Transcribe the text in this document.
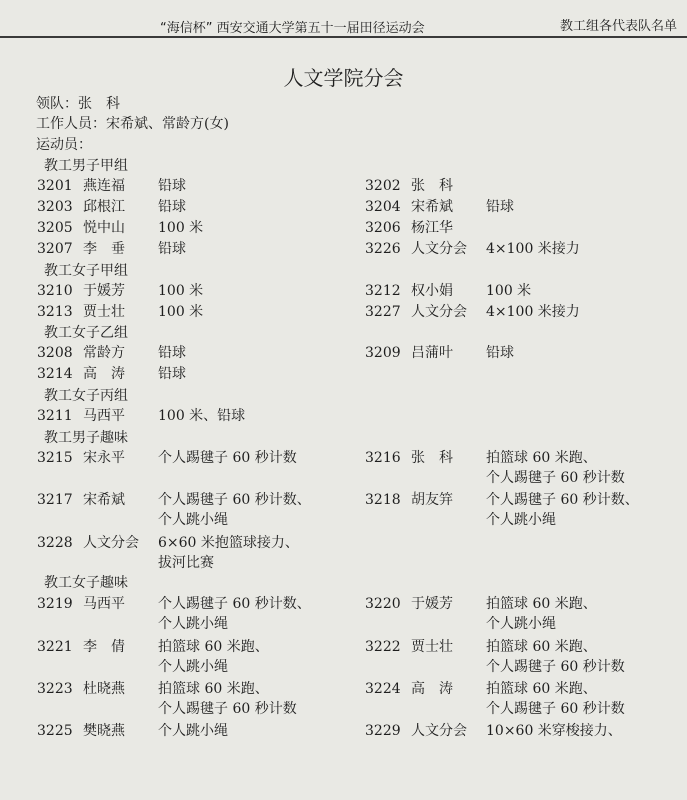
“海信杯” 西安交通大学第五十一届田径运动会	教工组各代表队名单
人文学院分会
领队：张　科
工作人员：宋希斌、常龄方(女)
运动员：
教工男子甲组
3201 燕连福 铅球
3203 邱根江 铅球
3205 悦中山 100 米
3207 李　垂 铅球
3202 张　科
3204 宋希斌 铅球
3206 杨江华
3226 人文分会 4×100 米接力
教工女子甲组
3210 于媛芳 100 米
3213 贾士壮 100 米
3212 权小娟 100 米
3227 人文分会 4×100 米接力
教工女子乙组
3208 常龄方 铅球
3214 高　涛 铅球
3209 吕蒲叶 铅球
教工女子丙组
3211 马西平 100 米、铅球
教工男子趣味
3215 宋永平 个人踢毽子 60 秒计数
3217 宋希斌 个人踢毽子 60 秒计数、
个人跳小绳
3228 人文分会 6×60 米抱篮球接力、
拔河比赛
3216 张　科 拍篮球 60 米跑、
个人踢毽子 60 秒计数
3218 胡友笄 个人踢毽子 60 秒计数、
个人跳小绳
教工女子趣味
3219 马西平 个人踢毽子 60 秒计数、
个人跳小绳
3221 李　倩 拍篮球 60 米跑、
个人跳小绳
3223 杜晓燕 拍篮球 60 米跑、
个人踢毽子 60 秒计数
3225 樊晓燕 个人跳小绳
3220 于媛芳 拍篮球 60 米跑、
个人跳小绳
3222 贾士壮 拍篮球 60 米跑、
个人踢毽子 60 秒计数
3224 高　涛 拍篮球 60 米跑、
个人踢毽子 60 秒计数
3229 人文分会 10×60 米穿梭接力、
